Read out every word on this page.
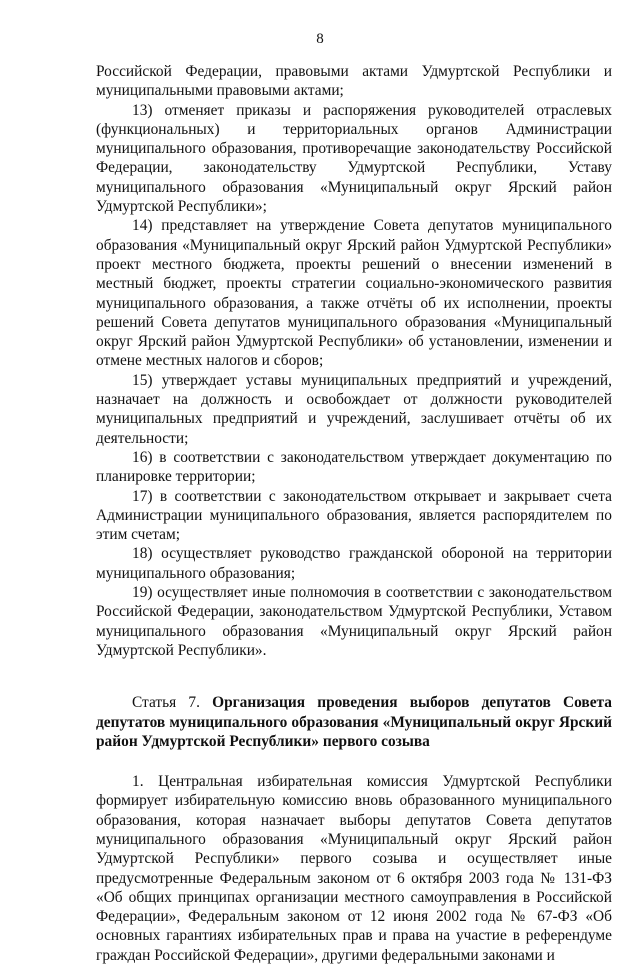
8

Российской Федерации, правовыми актами Удмуртской Республики и муниципальными правовыми актами;

13) отменяет приказы и распоряжения руководителей отраслевых (функциональных) и территориальных органов Администрации муниципального образования, противоречащие законодательству Российской Федерации, законодательству Удмуртской Республики, Уставу муниципального образования «Муниципальный округ Ярский район Удмуртской Республики»;

14) представляет на утверждение Совета депутатов муниципального образования «Муниципальный округ Ярский район Удмуртской Республики» проект местного бюджета, проекты решений о внесении изменений в местный бюджет, проекты стратегии социально-экономического развития муниципального образования, а также отчёты об их исполнении, проекты решений Совета депутатов муниципального образования «Муниципальный округ Ярский район Удмуртской Республики» об установлении, изменении и отмене местных налогов и сборов;

15) утверждает уставы муниципальных предприятий и учреждений, назначает на должность и освобождает от должности руководителей муниципальных предприятий и учреждений, заслушивает отчёты об их деятельности;

16) в соответствии с законодательством утверждает документацию по планировке территории;

17) в соответствии с законодательством открывает и закрывает счета Администрации муниципального образования, является распорядителем по этим счетам;

18) осуществляет руководство гражданской обороной на территории муниципального образования;

19) осуществляет иные полномочия в соответствии с законодательством Российской Федерации, законодательством Удмуртской Республики, Уставом муниципального образования «Муниципальный округ Ярский район Удмуртской Республики».

Статья 7. Организация проведения выборов депутатов Совета депутатов муниципального образования «Муниципальный округ Ярский район Удмуртской Республики» первого созыва

1. Центральная избирательная комиссия Удмуртской Республики формирует избирательную комиссию вновь образованного муниципального образования, которая назначает выборы депутатов Совета депутатов муниципального образования «Муниципальный округ Ярский район Удмуртской Республики» первого созыва и осуществляет иные предусмотренные Федеральным законом от 6 октября 2003 года № 131-ФЗ «Об общих принципах организации местного самоуправления в Российской Федерации», Федеральным законом от 12 июня 2002 года № 67-ФЗ «Об основных гарантиях избирательных прав и права на участие в референдуме граждан Российской Федерации», другими федеральными законами и
